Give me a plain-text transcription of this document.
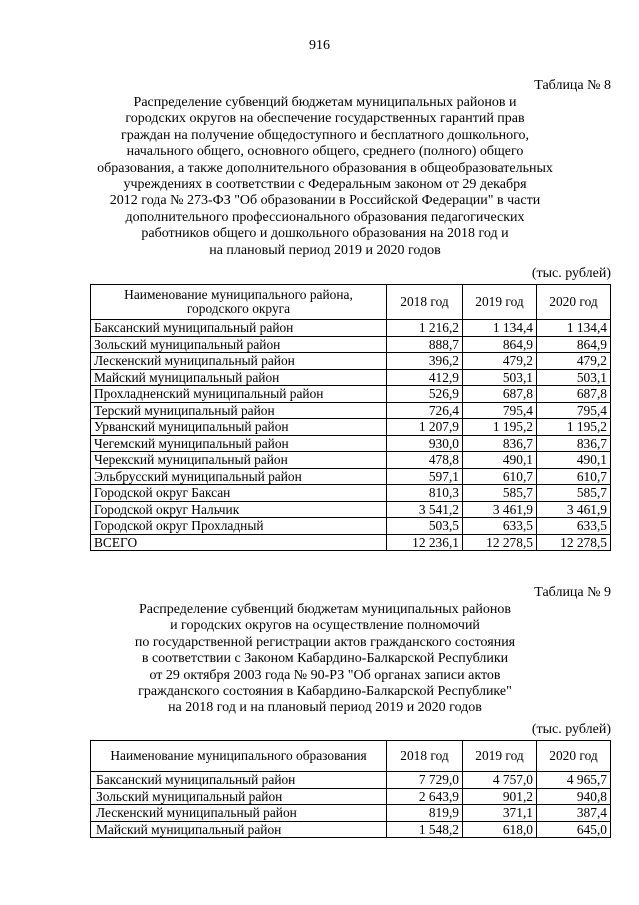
916
Таблица № 8
Распределение субвенций бюджетам муниципальных районов и
городских округов на обеспечение государственных гарантий прав
граждан на получение общедоступного и бесплатного дошкольного,
начального общего, основного общего, среднего (полного) общего
образования, а также дополнительного образования в общеобразовательных
учреждениях в соответствии с Федеральным законом от 29 декабря
2012 года № 273-ФЗ "Об образовании в Российской Федерации" в части
дополнительного профессионального образования педагогических
работников общего и дошкольного образования на 2018 год и
на плановый период 2019 и 2020 годов
(тыс. рублей)
Наименование муниципального района, городского округа	2018 год	2019 год	2020 год
Баксанский муниципальный район	1 216,2	1 134,4	1 134,4
Зольский муниципальный район	888,7	864,9	864,9
Лескенский муниципальный район	396,2	479,2	479,2
Майский муниципальный район	412,9	503,1	503,1
Прохладненский муниципальный район	526,9	687,8	687,8
Терский муниципальный район	726,4	795,4	795,4
Урванский муниципальный район	1 207,9	1 195,2	1 195,2
Чегемский муниципальный район	930,0	836,7	836,7
Черекский муниципальный район	478,8	490,1	490,1
Эльбрусский муниципальный район	597,1	610,7	610,7
Городской округ Баксан	810,3	585,7	585,7
Городской округ Нальчик	3 541,2	3 461,9	3 461,9
Городской округ Прохладный	503,5	633,5	633,5
ВСЕГО	12 236,1	12 278,5	12 278,5
Таблица № 9
Распределение субвенций бюджетам муниципальных районов
и городских округов на осуществление полномочий
по государственной регистрации актов гражданского состояния
в соответствии с Законом Кабардино-Балкарской Республики
от 29 октября 2003 года № 90-РЗ "Об органах записи актов
гражданского состояния в Кабардино-Балкарской Республике"
на 2018 год и на плановый период 2019 и 2020 годов
(тыс. рублей)
Наименование муниципального образования	2018 год	2019 год	2020 год
Баксанский муниципальный район	7 729,0	4 757,0	4 965,7
Зольский муниципальный район	2 643,9	901,2	940,8
Лескенский муниципальный район	819,9	371,1	387,4
Майский муниципальный район	1 548,2	618,0	645,0
